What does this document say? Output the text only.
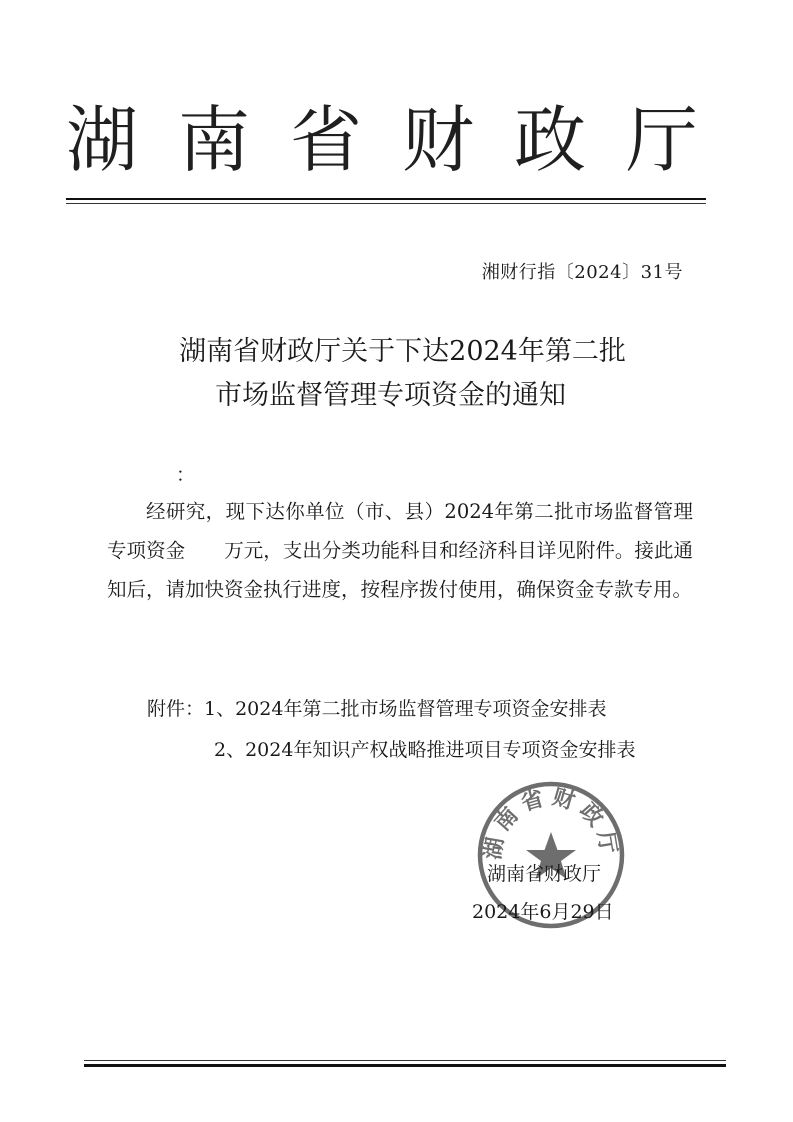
湖 南 省 财 政 厅
湘财行指〔2024〕31号
湖南省财政厅关于下达2024年第二批
市场监督管理专项资金的通知
：

经研究，现下达你单位（市、县）2024年第二批市场监督管理专项资金　　万元，支出分类功能科目和经济科目详见附件。接此通知后，请加快资金执行进度，按程序拨付使用，确保资金专款专用。

附件：1、2024年第二批市场监督管理专项资金安排表
2、2024年知识产权战略推进项目专项资金安排表
湖南省财政厅
湖南省财政厅
2024年6月29日
